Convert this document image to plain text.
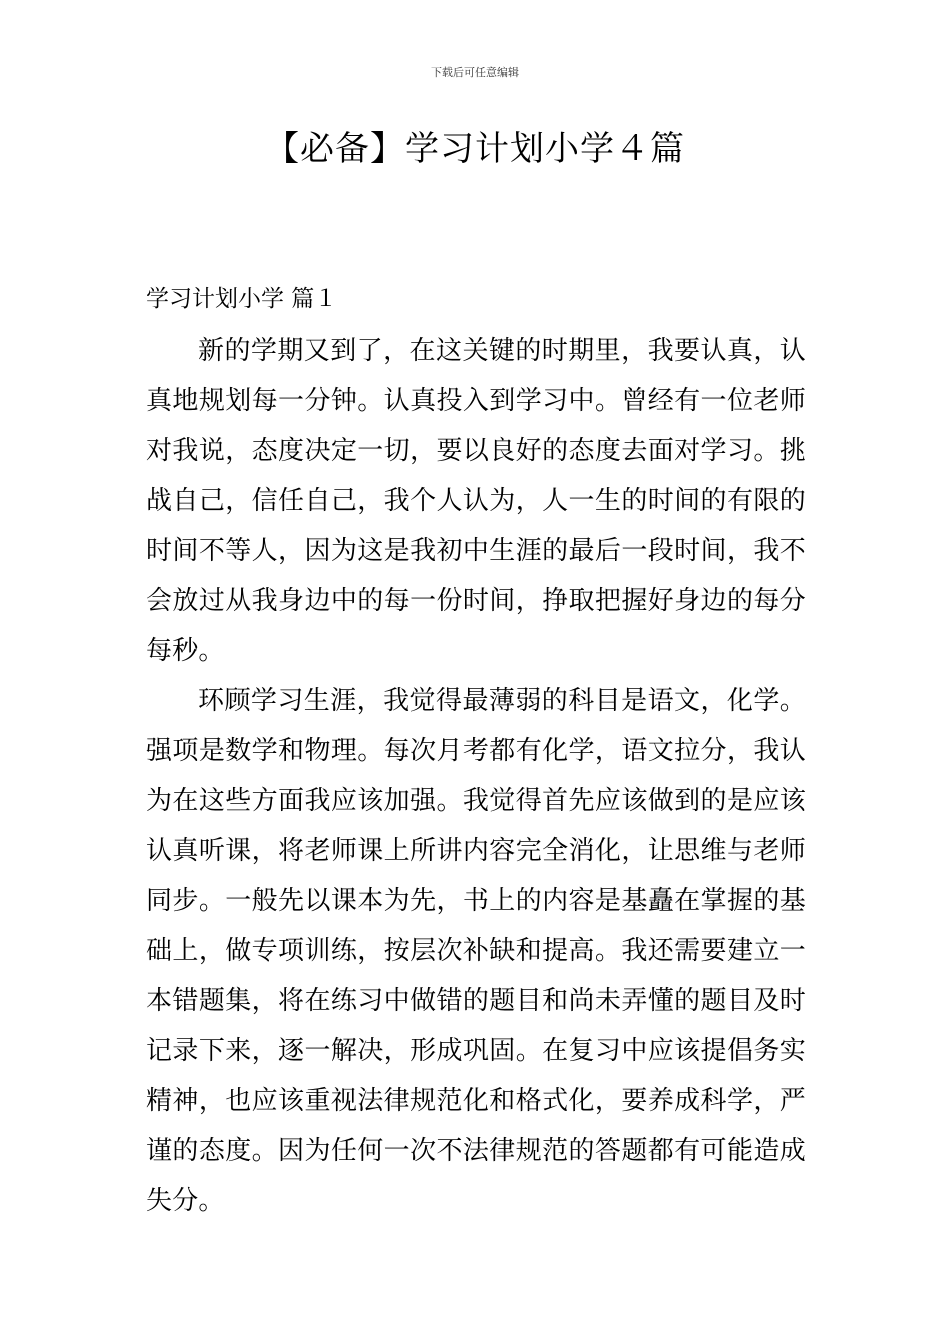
下载后可任意编辑
【必备】学习计划小学４篇
学习计划小学 篇１

新的学期又到了，在这关键的时期里，我要认真，认真地规划每一分钟。认真投入到学习中。曾经有一位老师对我说，态度决定一切，要以良好的态度去面对学习。挑战自己，信任自己，我个人认为，人一生的时间的有限的时间不等人，因为这是我初中生涯的最后一段时间，我不会放过从我身边中的每一份时间，挣取把握好身边的每分每秒。

环顾学习生涯，我觉得最薄弱的科目是语文，化学。强项是数学和物理。每次月考都有化学，语文拉分，我认为在这些方面我应该加强。我觉得首先应该做到的是应该认真听课，将老师课上所讲内容完全消化，让思维与老师同步。一般先以课本为先，书上的内容是基矗在掌握的基础上，做专项训练，按层次补缺和提高。我还需要建立一本错题集，将在练习中做错的题目和尚未弄懂的题目及时记录下来，逐一解决，形成巩固。在复习中应该提倡务实精神，也应该重视法律规范化和格式化，要养成科学，严谨的态度。因为任何一次不法律规范的答题都有可能造成失分。
